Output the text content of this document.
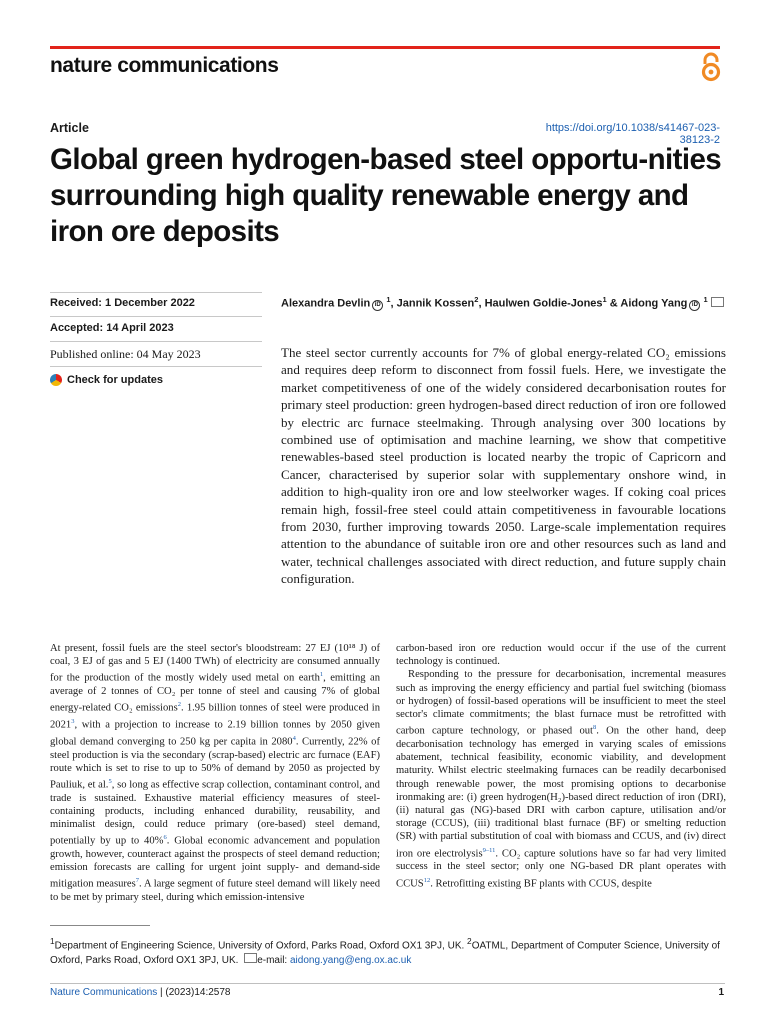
nature communications
Article	https://doi.org/10.1038/s41467-023-38123-2
Global green hydrogen-based steel opportu-nities surrounding high quality renewable energy and iron ore deposits
Received: 1 December 2022
Accepted: 14 April 2023
Published online: 04 May 2023
Check for updates
Alexandra Devlin iD $^1$, Jannik Kossen$^2$, Haulwen Goldie-Jones$^1$ & Aidong Yang iD $^1$

The steel sector currently accounts for 7% of global energy-related CO₂ emissions and requires deep reform to disconnect from fossil fuels. Here, we investigate the market competitiveness of one of the widely considered decarbonisation routes for primary steel production: green hydrogen-based direct reduction of iron ore followed by electric arc furnace steelmaking. Through analysing over 300 locations by combined use of optimisation and machine learning, we show that competitive renewables-based steel production is located nearby the tropic of Capricorn and Cancer, characterised by superior solar with supplementary onshore wind, in addition to high-quality iron ore and low steelworker wages. If coking coal prices remain high, fossil-free steel could attain competitiveness in favourable locations from 2030, further improving towards 2050. Large-scale implementation requires attention to the abundance of suitable iron ore and other resources such as land and water, technical challenges associated with direct reduction, and future supply chain configuration.

At present, fossil fuels are the steel sector's bloodstream: 27 EJ (10¹⁸ J) of coal, 3 EJ of gas and 5 EJ (1400 TWh) of electricity are consumed annually for the production of the mostly widely used metal on earth$^1$, emitting an average of 2 tonnes of CO₂ per tonne of steel and causing 7% of global energy-related CO₂ emissions$^2$. 1.95 billion tonnes of steel were produced in 2021$^3$, with a projection to increase to 2.19 billion tonnes by 2050 given global demand converging to 250 kg per capita in 2080$^4$. Currently, 22% of steel production is via the secondary (scrap-based) electric arc furnace (EAF) route which is set to rise to up to 50% of demand by 2050 as projected by Pauliuk, et al.$^5$, so long as effective scrap collection, contaminant control, and trade is sustained. Exhaustive material efficiency measures of steel-containing products, including enhanced durability, reusability, and minimalist design, could reduce primary (ore-based) steel demand, potentially by up to 40%$^6$. Global economic advancement and population growth, however, counteract against the prospects of steel demand reduction; emission forecasts are calling for urgent joint supply- and demand-side mitigation measures$^7$. A large segment of future steel demand will likely need to be met by primary steel, during which emission-intensive

carbon-based iron ore reduction would occur if the use of the current technology is continued.

Responding to the pressure for decarbonisation, incremental measures such as improving the energy efficiency and partial fuel switching (biomass or hydrogen) of fossil-based operations will be insufficient to meet the steel sector's climate commitments; the blast furnace must be retrofitted with carbon capture technology, or phased out$^8$. On the other hand, deep decarbonisation technology has emerged in varying scales of emissions abatement, technical feasibility, economic viability, and development maturity. Whilst electric steelmaking furnaces can be readily decarbonised through renewable power, the most promising options to decarbonise ironmaking are: (i) green hydrogen(H₂)-based direct reduction of iron (DRI), (ii) natural gas (NG)-based DRI with carbon capture, utilisation and/or storage (CCUS), (iii) traditional blast furnace (BF) or smelting reduction (SR) with partial substitution of coal with biomass and CCUS, and (iv) direct iron ore electrolysis$^{9-11}$. CO₂ capture solutions have so far had very limited success in the steel sector; only one NG-based DR plant operates with CCUS$^{12}$. Retrofitting existing BF plants with CCUS, despite

$^1$Department of Engineering Science, University of Oxford, Parks Road, Oxford OX1 3PJ, UK. $^2$OATML, Department of Computer Science, University of Oxford, Parks Road, Oxford OX1 3PJ, UK. e-mail: aidong.yang@eng.ox.ac.uk

Nature Communications | (2023)14:2578	1
